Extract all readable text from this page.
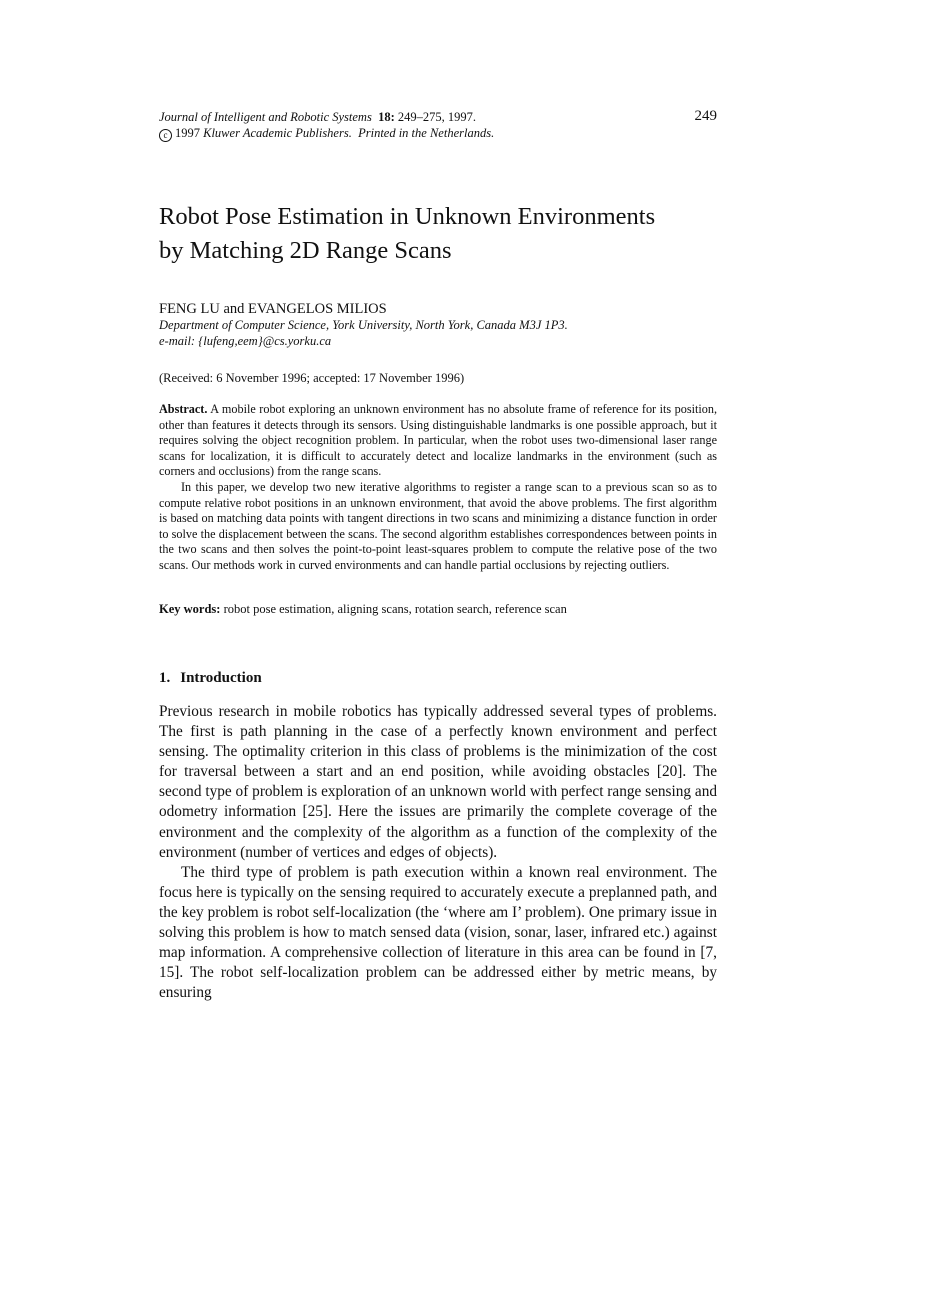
Journal of Intelligent and Robotic Systems 18: 249–275, 1997.
c 1997 Kluwer Academic Publishers. Printed in the Netherlands.
249
Robot Pose Estimation in Unknown Environments
by Matching 2D Range Scans
FENG LU and EVANGELOS MILIOS
Department of Computer Science, York University, North York, Canada M3J 1P3.
e-mail: {lufeng,eem}@cs.yorku.ca
(Received: 6 November 1996; accepted: 17 November 1996)

Abstract. A mobile robot exploring an unknown environment has no absolute frame of reference for its position, other than features it detects through its sensors. Using distinguishable landmarks is one possible approach, but it requires solving the object recognition problem. In particular, when the robot uses two-dimensional laser range scans for localization, it is difficult to accurately detect and localize landmarks in the environment (such as corners and occlusions) from the range scans.

In this paper, we develop two new iterative algorithms to register a range scan to a previous scan so as to compute relative robot positions in an unknown environment, that avoid the above problems. The first algorithm is based on matching data points with tangent directions in two scans and minimizing a distance function in order to solve the displacement between the scans. The second algorithm establishes correspondences between points in the two scans and then solves the point-to-point least-squares problem to compute the relative pose of the two scans. Our methods work in curved environments and can handle partial occlusions by rejecting outliers.

Key words: robot pose estimation, aligning scans, rotation search, reference scan
1. Introduction

Previous research in mobile robotics has typically addressed several types of problems. The first is path planning in the case of a perfectly known environment and perfect sensing. The optimality criterion in this class of problems is the minimization of the cost for traversal between a start and an end position, while avoiding obstacles [20]. The second type of problem is exploration of an unknown world with perfect range sensing and odometry information [25]. Here the issues are primarily the complete coverage of the environment and the complexity of the algorithm as a function of the complexity of the environment (number of vertices and edges of objects).

The third type of problem is path execution within a known real environment. The focus here is typically on the sensing required to accurately execute a preplanned path, and the key problem is robot self-localization (the ‘where am I’ problem). One primary issue in solving this problem is how to match sensed data (vision, sonar, laser, infrared etc.) against map information. A comprehensive collection of literature in this area can be found in [7, 15]. The robot self-localization problem can be addressed either by metric means, by ensuring
